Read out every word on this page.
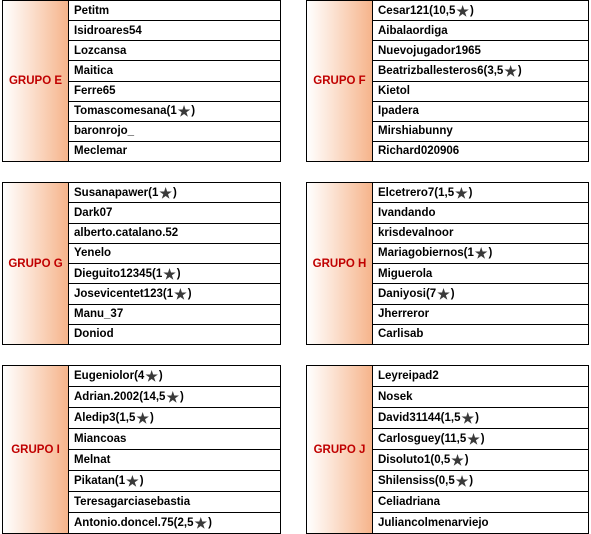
GRUPO E
Petitm
Isidroares54
Lozcansa
Maitica
Ferre65
Tomascomesana ( 1 ★ )
baronrojo_
Meclemar
GRUPO F
Cesar121 ( 10,5 ★ )
Aibalaordiga
Nuevojugador1965
Beatrizballesteros6 ( 3,5 ★ )
Kietol
Ipadera
Mirshiabunny
Richard020906
GRUPO G
Susanapawer ( 1 ★ )
Dark07
alberto.catalano.52
Yenelo
Dieguito12345 ( 1 ★ )
Josevicentet123 ( 1 ★ )
Manu_37
Doniod
GRUPO H
Elcetrero7 ( 1,5 ★ )
Ivandando
krisdevalnoor
Mariagobiernos ( 1 ★ )
Miguerola
Daniyosi ( 7 ★ )
Jherreror
Carlisab
GRUPO I
Eugeniolor ( 4 ★ )
Adrian.2002 ( 14,5 ★ )
Aledip3 ( 1,5 ★ )
Miancoas
Melnat
Pikatan ( 1 ★ )
Teresagarciasebastia
Antonio.doncel.75 ( 2,5 ★ )
GRUPO J
Leyreipad2
Nosek
David31144 ( 1,5 ★ )
Carlosguey ( 11,5 ★ )
Disoluto1 ( 0,5 ★ )
Shilensiss ( 0,5 ★ )
Celiadriana
Juliancolmenarviejo
